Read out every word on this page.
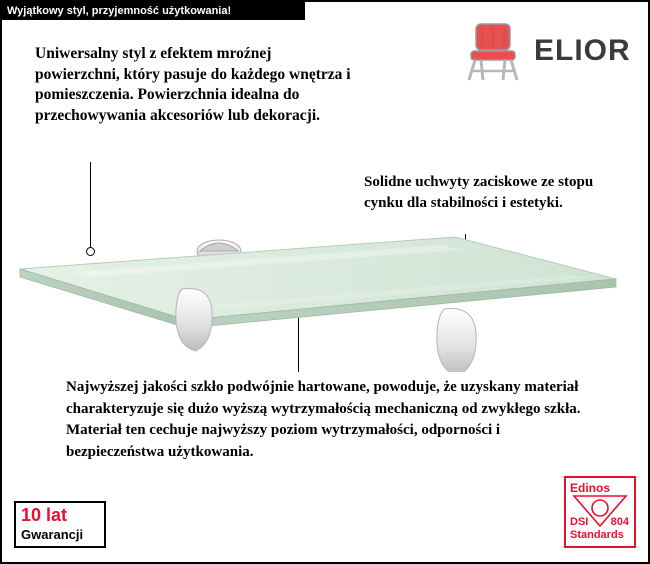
Wyjątkowy styl, przyjemność użytkowania!
ELIOR
Uniwersalny styl z efektem mroźnej powierzchni, który pasuje do każdego wnętrza i pomieszczenia. Powierzchnia idealna do przechowywania akcesoriów lub dekoracji.
Solidne uchwyty zaciskowe ze stopu cynku dla stabilności i estetyki.
Najwyższej jakości szkło podwójnie hartowane, powoduje, że uzyskany materiał charakteryzuje się dużo wyższą wytrzymałością mechaniczną od zwykłego szkła. Materiał ten cechuje najwyższy poziom wytrzymałości, odporności i bezpieczeństwa użytkowania.
10 lat
Gwarancji
Edinos
DSI 804
Standards
